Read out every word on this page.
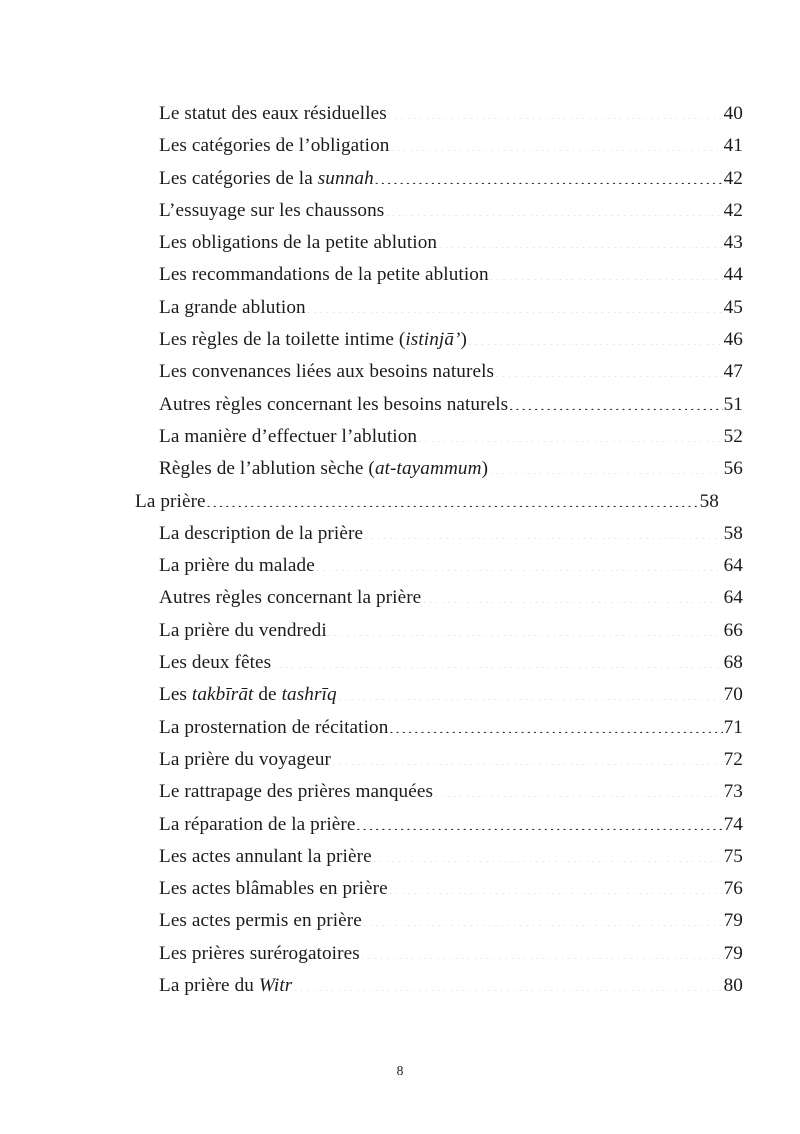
Le statut des eaux résiduelles .....	40
Les catégories de l’obligation .....	41
Les catégories de la sunnah .....	42
L’essuyage sur les chaussons .....	42
Les obligations de la petite ablution .....	43
Les recommandations de la petite ablution .....	44
La grande ablution .....	45
Les règles de la toilette intime (istinjā’) .....	46
Les convenances liées aux besoins naturels .....	47
Autres règles concernant les besoins naturels .....	51
La manière d’effectuer l’ablution .....	52
Règles de l’ablution sèche (at-tayammum) .....	56
La prière .....	58
La description de la prière .....	58
La prière du malade .....	64
Autres règles concernant la prière .....	64
La prière du vendredi .....	66
Les deux fêtes .....	68
Les takbīrāt de tashrīq .....	70
La prosternation de récitation .....	71
La prière du voyageur .....	72
Le rattrapage des prières manquées .....	73
La réparation de la prière .....	74
Les actes annulant la prière .....	75
Les actes blâmables en prière .....	76
Les actes permis en prière .....	79
Les prières surérogatoires .....	79
La prière du Witr .....	80
8
